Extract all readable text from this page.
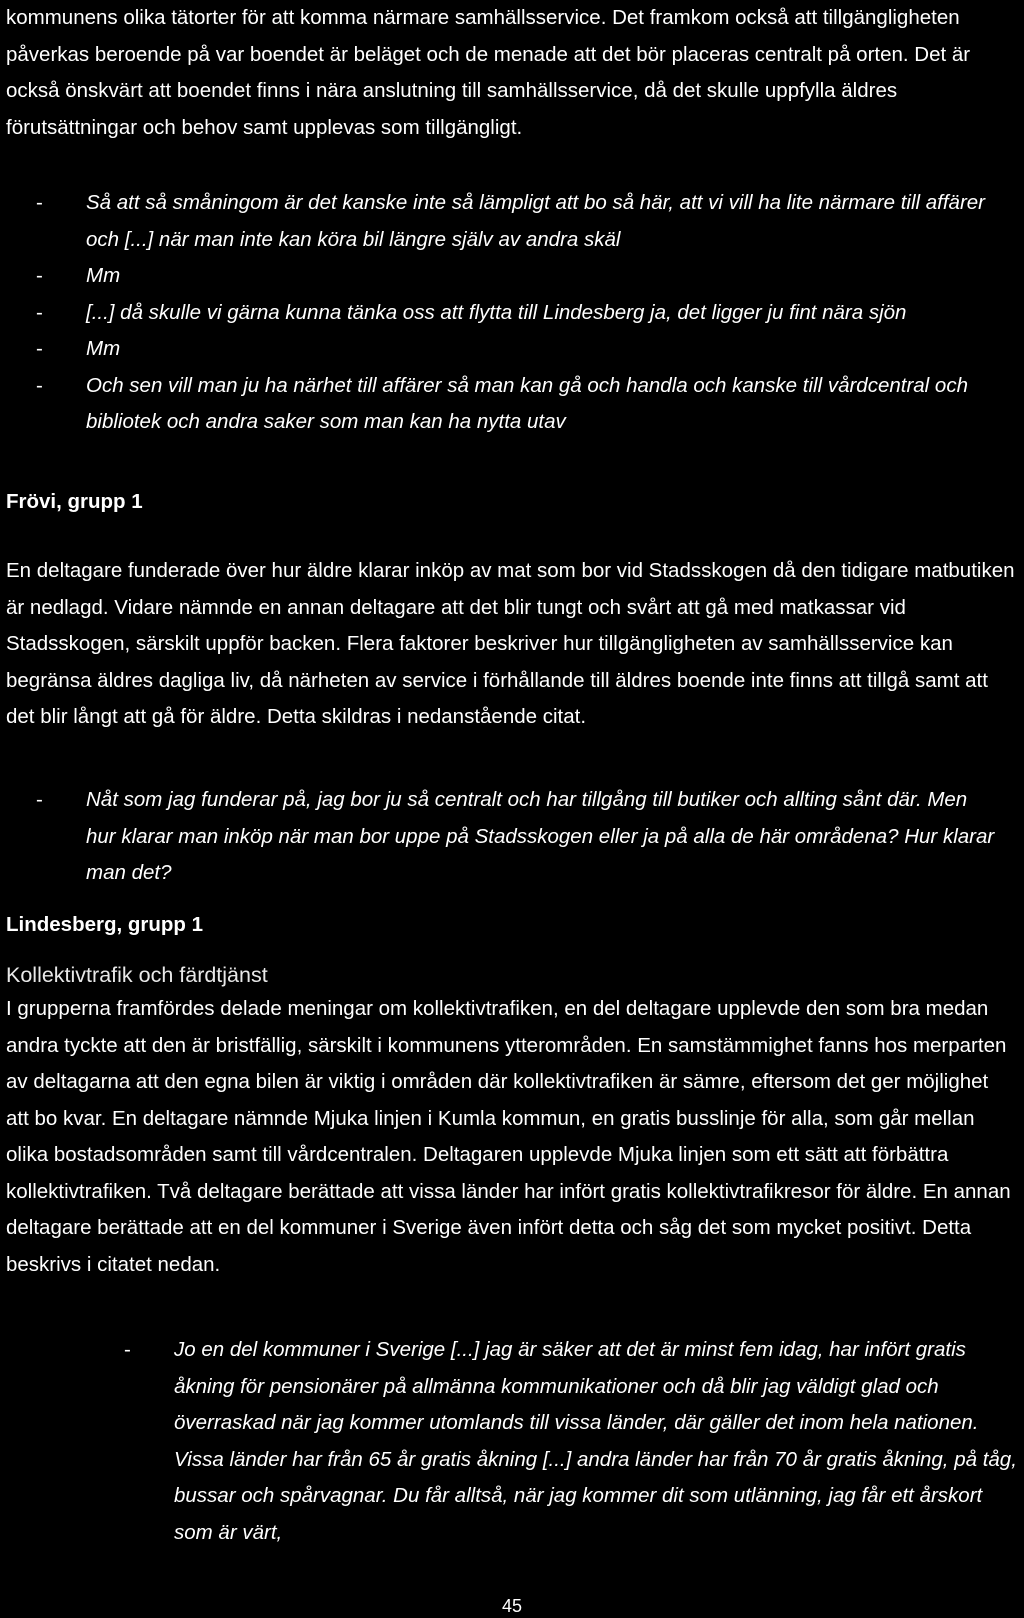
kommunens olika tätorter för att komma närmare samhällsservice. Det framkom också att tillgängligheten påverkas beroende på var boendet är beläget och de menade att det bör placeras centralt på orten. Det är också önskvärt att boendet finns i nära anslutning till samhällsservice, då det skulle uppfylla äldres förutsättningar och behov samt upplevas som tillgängligt.

- Så att så småningom är det kanske inte så lämpligt att bo så här, att vi vill ha lite närmare till affärer och [...] när man inte kan köra bil längre själv av andra skäl
- Mm
- [...] då skulle vi gärna kunna tänka oss att flytta till Lindesberg ja, det ligger ju fint nära sjön
- Mm
- Och sen vill man ju ha närhet till affärer så man kan gå och handla och kanske till vårdcentral och bibliotek och andra saker som man kan ha nytta utav

Frövi, grupp 1

En deltagare funderade över hur äldre klarar inköp av mat som bor vid Stadsskogen då den tidigare matbutiken är nedlagd. Vidare nämnde en annan deltagare att det blir tungt och svårt att gå med matkassar vid Stadsskogen, särskilt uppför backen. Flera faktorer beskriver hur tillgängligheten av samhällsservice kan begränsa äldres dagliga liv, då närheten av service i förhållande till äldres boende inte finns att tillgå samt att det blir långt att gå för äldre. Detta skildras i nedanstående citat.

- Nåt som jag funderar på, jag bor ju så centralt och har tillgång till butiker och allting sånt där. Men hur klarar man inköp när man bor uppe på Stadsskogen eller ja på alla de här områdena? Hur klarar man det?

Lindesberg, grupp 1

Kollektivtrafik och färdtjänst

I grupperna framfördes delade meningar om kollektivtrafiken, en del deltagare upplevde den som bra medan andra tyckte att den är bristfällig, särskilt i kommunens ytterområden. En samstämmighet fanns hos merparten av deltagarna att den egna bilen är viktig i områden där kollektivtrafiken är sämre, eftersom det ger möjlighet att bo kvar. En deltagare nämnde Mjuka linjen i Kumla kommun, en gratis busslinje för alla, som går mellan olika bostadsområden samt till vårdcentralen. Deltagaren upplevde Mjuka linjen som ett sätt att förbättra kollektivtrafiken. Två deltagare berättade att vissa länder har infört gratis kollektivtrafikresor för äldre. En annan deltagare berättade att en del kommuner i Sverige även infört detta och såg det som mycket positivt. Detta beskrivs i citatet nedan.

- Jo en del kommuner i Sverige [...] jag är säker att det är minst fem idag, har infört gratis åkning för pensionärer på allmänna kommunikationer och då blir jag väldigt glad och överraskad när jag kommer utomlands till vissa länder, där gäller det inom hela nationen. Vissa länder har från 65 år gratis åkning [...] andra länder har från 70 år gratis åkning, på tåg, bussar och spårvagnar. Du får alltså, när jag kommer dit som utlänning, jag får ett årskort som är värt,

45
